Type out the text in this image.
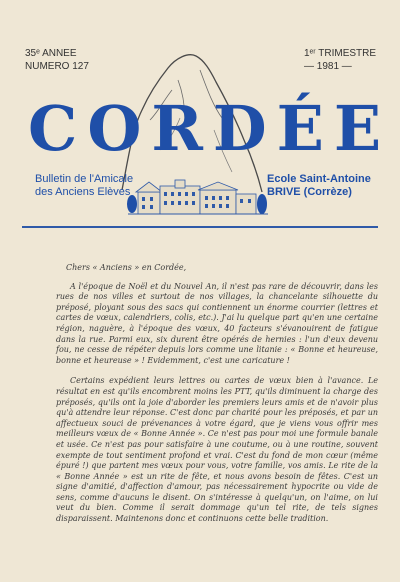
35ᵉ ANNEE
NUMERO 127
1ᵉʳ TRIMESTRE
— 1981 —
CORDÉE
Bulletin de l'Amicale
des Anciens Elèves
Ecole Saint-Antoine
BRIVE (Corrèze)
Chers « Anciens » en Cordée,
A l'époque de Noël et du Nouvel An, il n'est pas rare de découvrir, dans les rues de nos villes et surtout de nos villages, la chancelante silhouette du préposé, ployant sous des sacs qui contiennent un énorme courrier (lettres et cartes de vœux, calendriers, colis, etc.). J'ai lu quelque part qu'en une certaine région, naguère, à l'époque des vœux, 40 facteurs s'évanouirent de fatigue dans la rue. Parmi eux, six durent être opérés de hernies : l'un d'eux devenu fou, ne cesse de répéter depuis lors comme une litanie : « Bonne et heureuse, bonne et heureuse » ! Evidemment, c'est une caricature !
Certains expédient leurs lettres ou cartes de vœux bien à l'avance. Le résultat en est qu'ils encombrent moins les PTT, qu'ils diminuent la charge des préposés, qu'ils ont la joie d'aborder les premiers leurs amis et de n'avoir plus qu'à attendre leur réponse. C'est donc par charité pour les préposés, et par un affectueux souci de prévenances à votre égard, que je viens vous offrir mes meilleurs vœux de « Bonne Année ». Ce n'est pas pour moi une formule banale et usée. Ce n'est pas pour satisfaire à une coutume, ou à une routine, souvent exempte de tout sentiment profond et vrai. C'est du fond de mon cœur (même épuré !) que partent mes vœux pour vous, votre famille, vos amis. Le rite de la « Bonne Année » est un rite de fête, et nous avons besoin de fêtes. C'est un signe d'amitié, d'affection d'amour, pas nécessairement hypocrite ou vide de sens, comme d'aucuns le disent. On s'intéresse à quelqu'un, on l'aime, on lui veut du bien. Comme il serait dommage qu'un tel rite, de tels signes disparaissent. Maintenons donc et continuons cette belle tradition.
